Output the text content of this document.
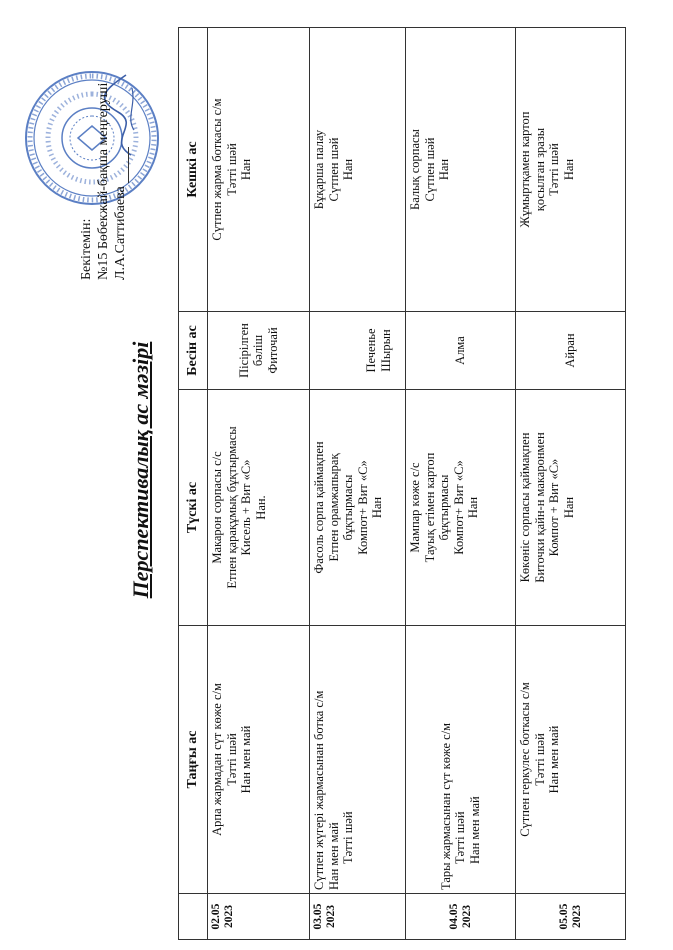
Бекітемін: №15 Бөбекжай-бақша меңгеруші Л.А.Саттибаева
Перспективалық ас мәзірі
	Таңғы ас	Түскі ас	Бесін ас	Кешкі ас
02.05 2023	Арпа жармадан сүт көже с/м Тәтті шәй Нан мен май	Макарон сорпасы с/с Етпен қарақұмық бұқтырмасы Кисель + Вит «С» Нан.	Пісірілген бәліш Фиточай	Сүтпен жарма боткасы с/м Тәтті шәй Нан

03.05 2023	Сүтпен жүгері жармасынан ботка с/м Нан мен май Тәтті шәй	Фасоль сорпа қаймақпен Етпен орамжапырақ бұқтырмасы Компот+ Вит «С» Нан	Печенье Шырын	Бұқарша палау Сүтпен шәй Нан

04.05 2023	Тары жармасынан сүт көже с/м Тәтті шәй Нан мен май	Мампар көже с/с Тауық етімен картоп бұқтырмасы Компот+ Вит «С» Нан	Алма	Балық сорпасы Сүтпен шәй Нан

05.05 2023	Сүтпен геркулес боткасы с/м Тәтті шәй Нан мен май	Көкөніс сорпасы қаймақпен Биточки қайн-н макаронмен Компот + Вит «С» Нан	Айран	Жұмыртқамен картоп қосылған зразы Тәтті шәй Нан
